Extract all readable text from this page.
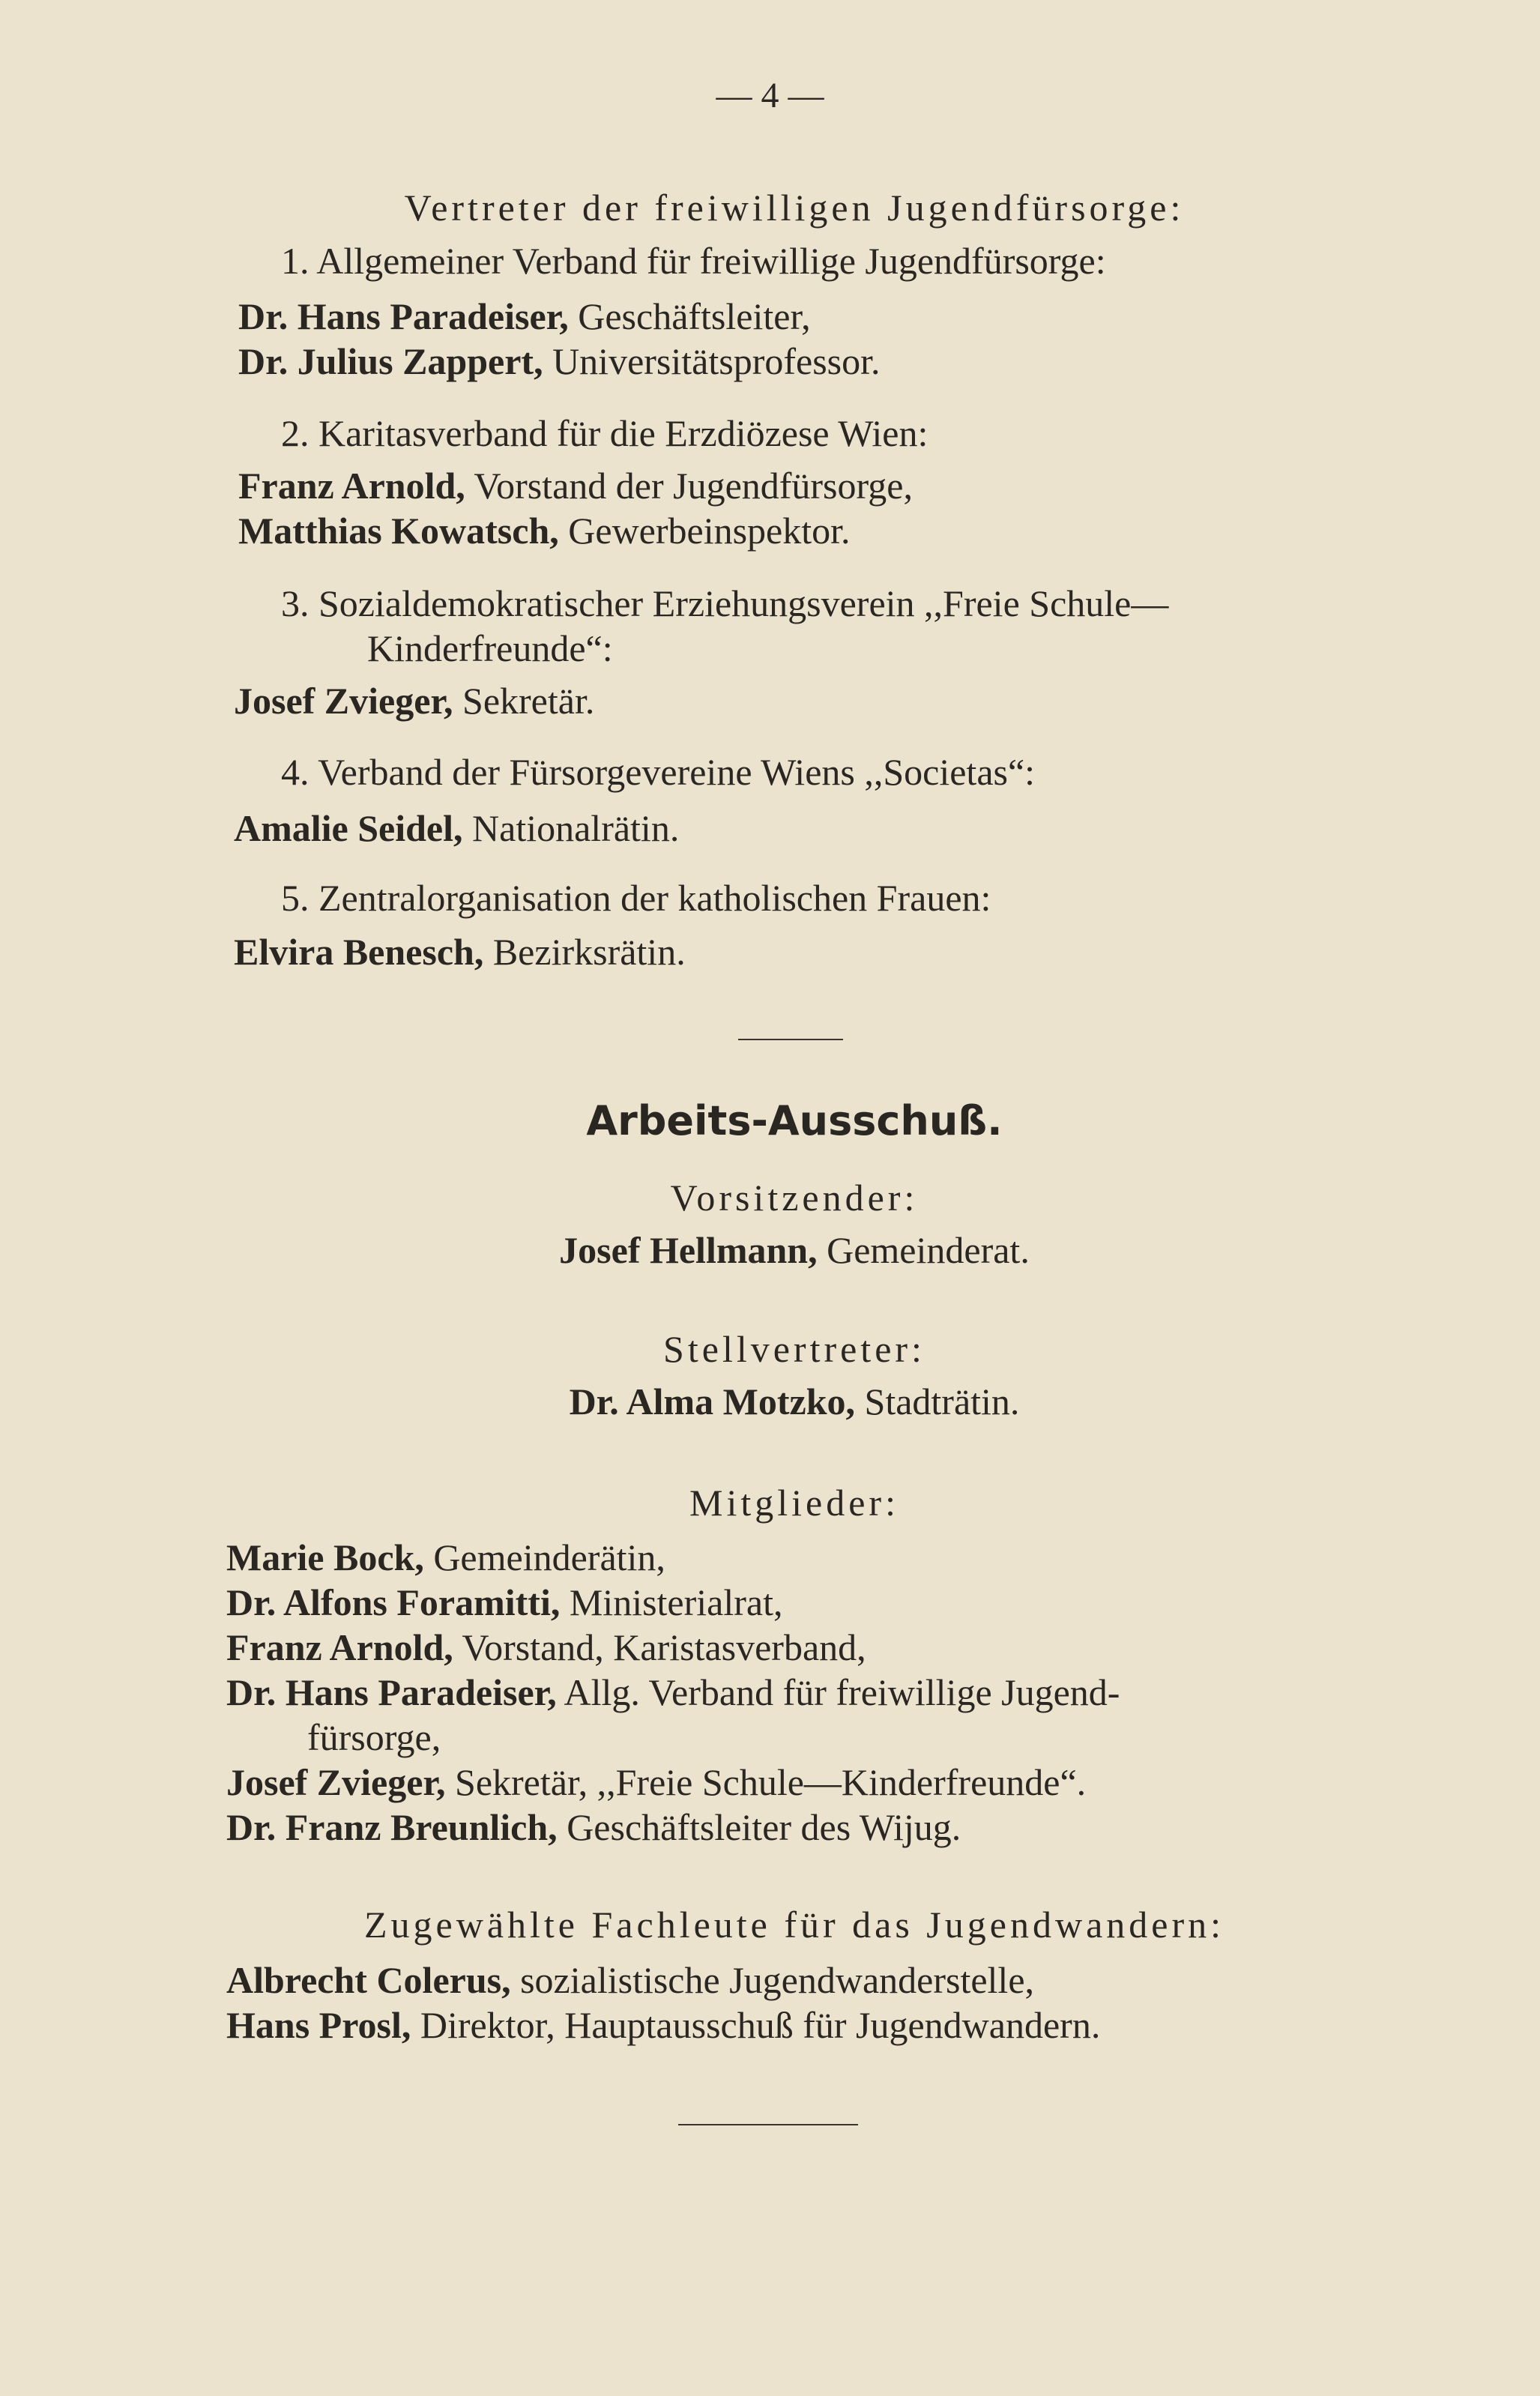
— 4 —
Vertreter der freiwilligen Jugendfürsorge:
1. Allgemeiner Verband für freiwillige Jugendfürsorge:
Dr. Hans Paradeiser, Geschäftsleiter,
Dr. Julius Zappert, Universitätsprofessor.
2. Karitasverband für die Erzdiözese Wien:
Franz Arnold, Vorstand der Jugendfürsorge,
Matthias Kowatsch, Gewerbeinspektor.
3. Sozialdemokratischer Erziehungsverein ,,Freie Schule—
Kinderfreunde“:
Josef Zvieger, Sekretär.
4. Verband der Fürsorgevereine Wiens ,,Societas“:
Amalie Seidel, Nationalrätin.
5. Zentralorganisation der katholischen Frauen:
Elvira Benesch, Bezirksrätin.
Arbeits-Ausschuß.
Vorsitzender:
Josef Hellmann, Gemeinderat.
Stellvertreter:
Dr. Alma Motzko, Stadträtin.
Mitglieder:
Marie Bock, Gemeinderätin,
Dr. Alfons Foramitti, Ministerialrat,
Franz Arnold, Vorstand, Karistasverband,
Dr. Hans Paradeiser, Allg. Verband für freiwillige Jugend-
fürsorge,
Josef Zvieger, Sekretär, ,,Freie Schule—Kinderfreunde“.
Dr. Franz Breunlich, Geschäftsleiter des Wijug.
Zugewählte Fachleute für das Jugendwandern:
Albrecht Colerus, sozialistische Jugendwanderstelle,
Hans Prosl, Direktor, Hauptausschuß für Jugendwandern.
